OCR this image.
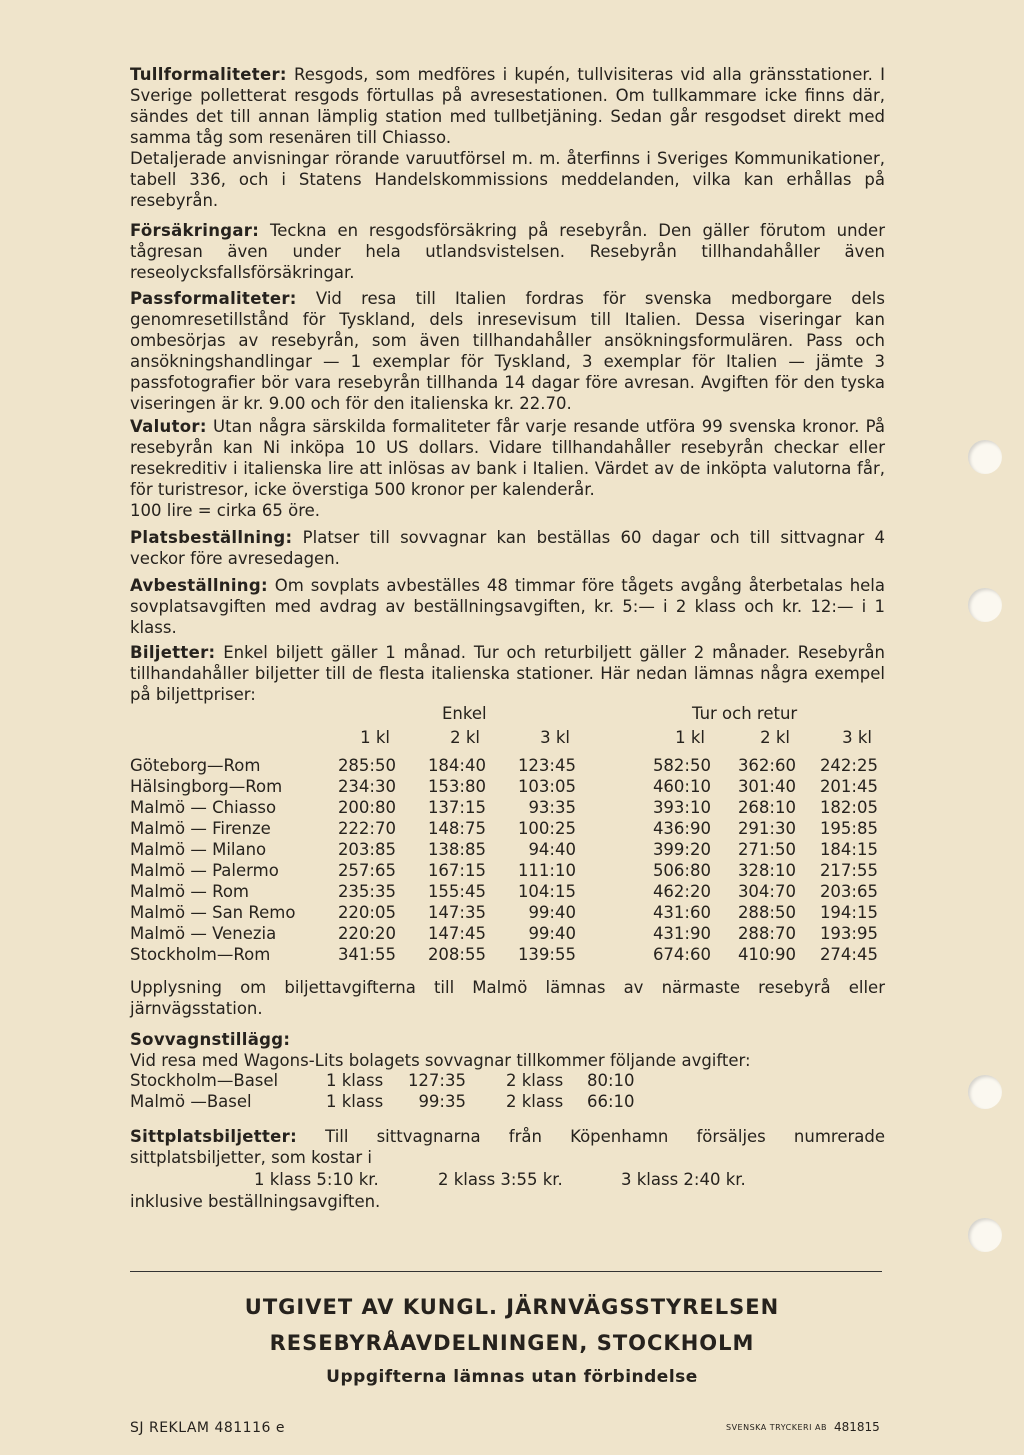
Tullformaliteter: Resgods, som medföres i kupén, tullvisiteras vid alla gränsstationer. I Sverige polletterat resgods förtullas på avresestationen. Om tullkammare icke finns där, sändes det till annan lämplig station med tullbetjäning. Sedan går resgodset direkt med samma tåg som resenären till Chiasso.
Detaljerade anvisningar rörande varuutförsel m. m. återfinns i Sveriges Kommunikationer, tabell 336, och i Statens Handelskommissions meddelanden, vilka kan erhållas på resebyrån.
Försäkringar: Teckna en resgodsförsäkring på resebyrån. Den gäller förutom under tågresan även under hela utlandsvistelsen. Resebyrån tillhandahåller även reseolycksfallsförsäkringar.
Passformaliteter: Vid resa till Italien fordras för svenska medborgare dels genomresetillstånd för Tyskland, dels inresevisum till Italien. Dessa viseringar kan ombesörjas av resebyrån, som även tillhandahåller ansökningsformulären. Pass och ansökningshandlingar — 1 exemplar för Tyskland, 3 exemplar för Italien — jämte 3 passfotografier bör vara resebyrån tillhanda 14 dagar före avresan. Avgiften för den tyska viseringen är kr. 9.00 och för den italienska kr. 22.70.
Valutor: Utan några särskilda formaliteter får varje resande utföra 99 svenska kronor. På resebyrån kan Ni inköpa 10 US dollars. Vidare tillhandahåller resebyrån checkar eller resekreditiv i italienska lire att inlösas av bank i Italien. Värdet av de inköpta valutorna får, för turistresor, icke överstiga 500 kronor per kalenderår.
100 lire = cirka 65 öre.
Platsbeställning: Platser till sovvagnar kan beställas 60 dagar och till sittvagnar 4 veckor före avresedagen.
Avbeställning: Om sovplats avbeställes 48 timmar före tågets avgång återbetalas hela sovplatsavgiften med avdrag av beställningsavgiften, kr. 5:— i 2 klass och kr. 12:— i 1 klass.
Biljetter: Enkel biljett gäller 1 månad. Tur och returbiljett gäller 2 månader. Resebyrån tillhandahåller biljetter till de flesta italienska stationer. Här nedan lämnas några exempel på biljettpriser:
Enkel	Tur och retur
1 kl	2 kl	3 kl	1 kl	2 kl	3 kl
Göteborg—Rom	285:50	184:40	123:45	582:50	362:60	242:25
Hälsingborg—Rom	234:30	153:80	103:05	460:10	301:40	201:45
Malmö — Chiasso	200:80	137:15	93:35	393:10	268:10	182:05
Malmö — Firenze	222:70	148:75	100:25	436:90	291:30	195:85
Malmö — Milano	203:85	138:85	94:40	399:20	271:50	184:15
Malmö — Palermo	257:65	167:15	111:10	506:80	328:10	217:55
Malmö — Rom	235:35	155:45	104:15	462:20	304:70	203:65
Malmö — San Remo	220:05	147:35	99:40	431:60	288:50	194:15
Malmö — Venezia	220:20	147:45	99:40	431:90	288:70	193:95
Stockholm—Rom	341:55	208:55	139:55	674:60	410:90	274:45
Upplysning om biljettavgifterna till Malmö lämnas av närmaste resebyrå eller järnvägsstation.
Sovvagnstillägg:
Vid resa med Wagons-Lits bolagets sovvagnar tillkommer följande avgifter:
Stockholm—Basel	1 klass	127:35 2 klass 80:10
Malmö —Basel	1 klass	99:35 2 klass 66:10
Sittplatsbiljetter: Till sittvagnarna från Köpenhamn försäljes numrerade sittplatsbiljetter, som kostar i
1 klass 5:10 kr.	2 klass 3:55 kr.	3 klass 2:40 kr.
inklusive beställningsavgiften.
UTGIVET AV KUNGL. JÄRNVÄGSSTYRELSEN
RESEBYRÅAVDELNINGEN, STOCKHOLM
Uppgifterna lämnas utan förbindelse
SJ REKLAM 481116 e	SVENSKA TRYCKERI AB 481815
